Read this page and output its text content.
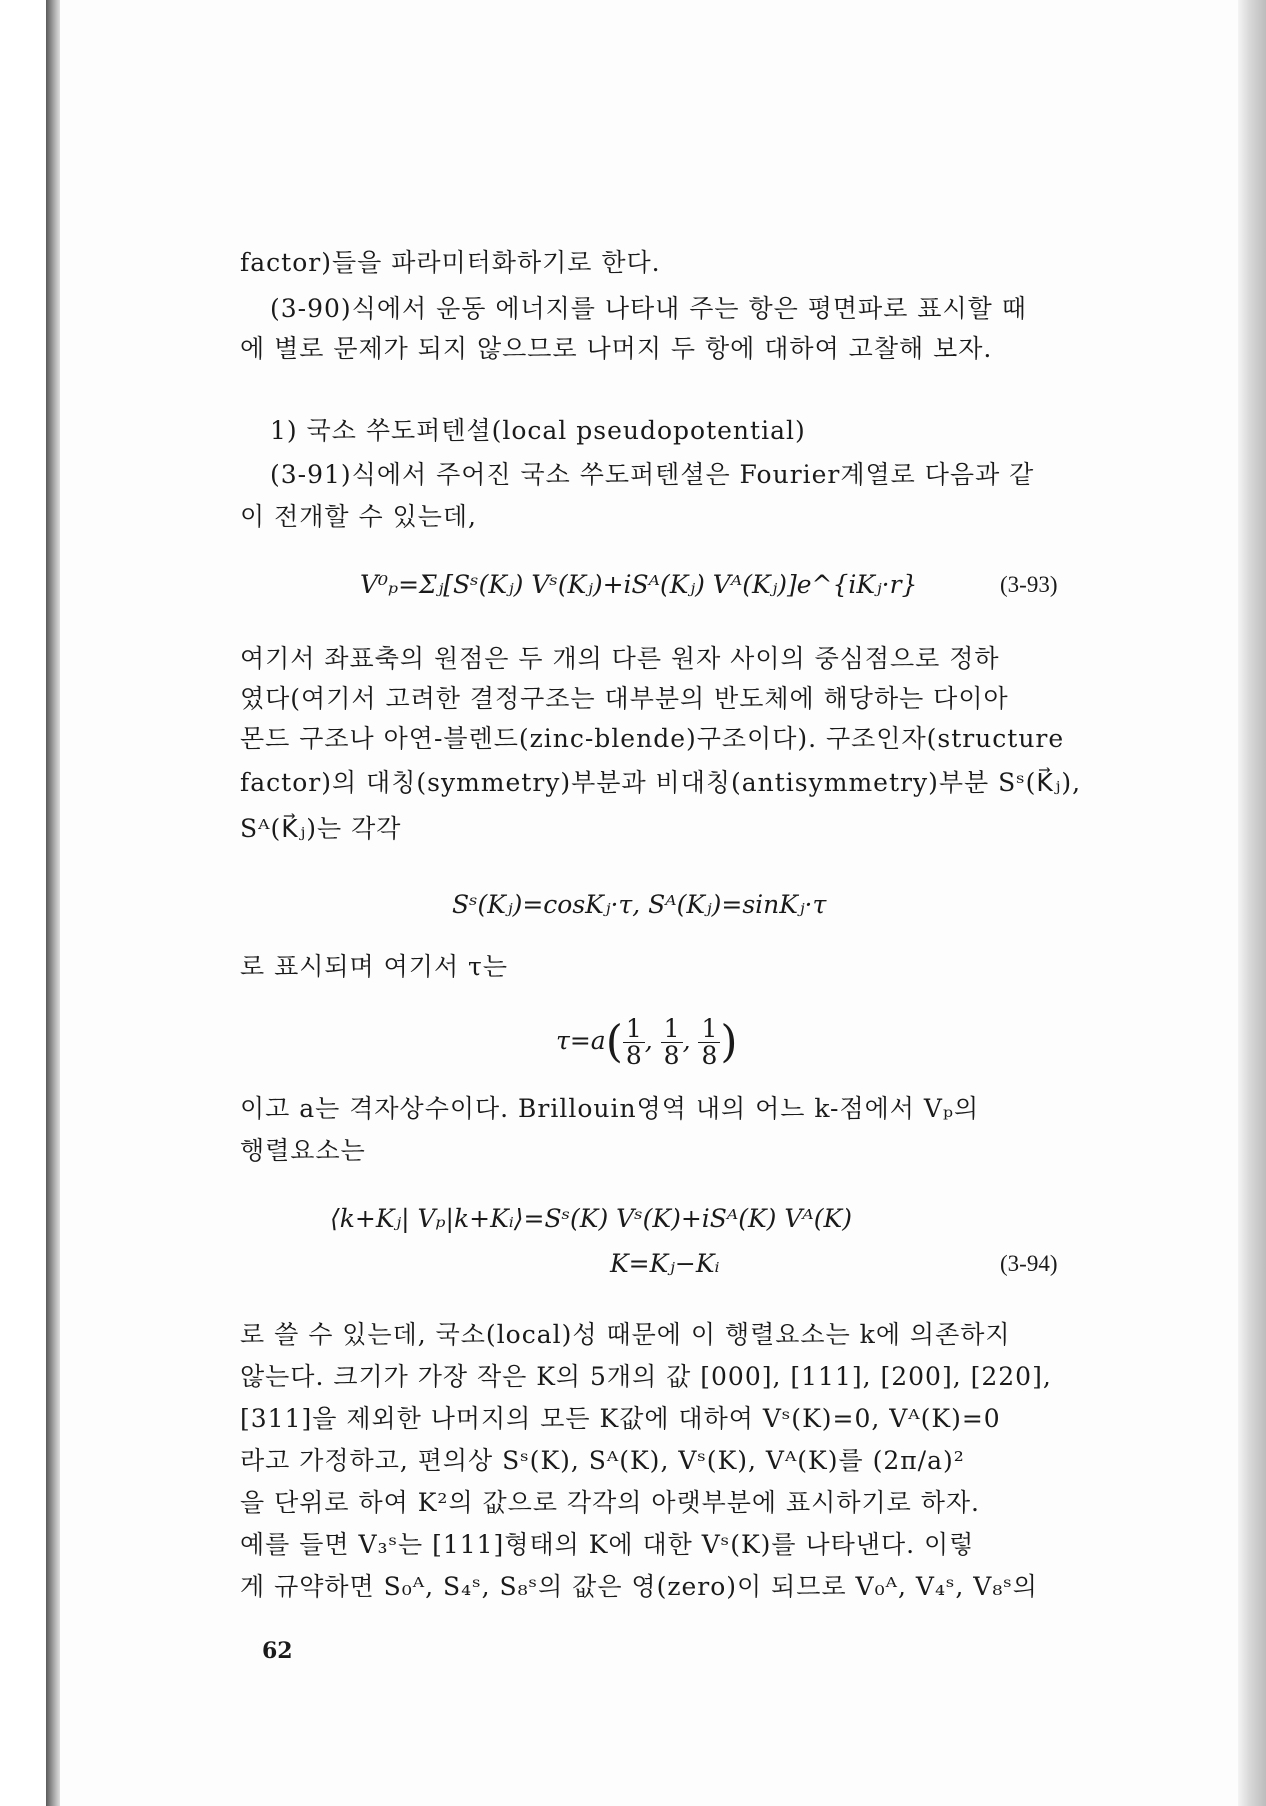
factor)들을 파라미터화하기로 한다.
(3-90)식에서 운동 에너지를 나타내 주는 항은 평면파로 표시할 때
에 별로 문제가 되지 않으므로 나머지 두 항에 대하여 고찰해 보자.
1) 국소 쑤도퍼텐셜(local pseudopotential)
(3-91)식에서 주어진 국소 쑤도퍼텐셜은 Fourier계열로 다음과 같
이 전개할 수 있는데,
V⁰ₚ=Σⱼ[Sˢ(Kⱼ) Vˢ(Kⱼ)+iSᴬ(Kⱼ) Vᴬ(Kⱼ)]e^{iKⱼ·r}	(3-93)
여기서 좌표축의 원점은 두 개의 다른 원자 사이의 중심점으로 정하
였다(여기서 고려한 결정구조는 대부분의 반도체에 해당하는 다이아
몬드 구조나 아연-블렌드(zinc-blende)구조이다). 구조인자(structure
factor)의 대칭(symmetry)부분과 비대칭(antisymmetry)부분 Sˢ(K⃗ⱼ),
Sᴬ(K⃗ⱼ)는 각각
Sˢ(Kⱼ)=cosKⱼ·τ, Sᴬ(Kⱼ)=sinKⱼ·τ
로 표시되며 여기서 τ는
$\tau=a( \frac{1}{8}$ , $\frac{1}{8}$ , $\frac{1}{8}$ )
이고 a는 격자상수이다. Brillouin영역 내의 어느 k-점에서 Vₚ의
행렬요소는
⟨k+Kⱼ| Vₚ|k+Kᵢ⟩=Sˢ(K) Vˢ(K)+iSᴬ(K) Vᴬ(K)
K=Kⱼ−Kᵢ	(3-94)
로 쓸 수 있는데, 국소(local)성 때문에 이 행렬요소는 k에 의존하지
않는다. 크기가 가장 작은 K의 5개의 값 [000], [111], [200], [220],
[311]을 제외한 나머지의 모든 K값에 대하여 Vˢ(K)=0, Vᴬ(K)=0
라고 가정하고, 편의상 Sˢ(K), Sᴬ(K), Vˢ(K), Vᴬ(K)를 (2π/a)²
을 단위로 하여 K²의 값으로 각각의 아랫부분에 표시하기로 하자.
예를 들면 V₃ˢ는 [111]형태의 K에 대한 Vˢ(K)를 나타낸다. 이렇
게 규약하면 S₀ᴬ, S₄ˢ, S₈ˢ의 값은 영(zero)이 되므로 V₀ᴬ, V₄ˢ, V₈ˢ의
62
